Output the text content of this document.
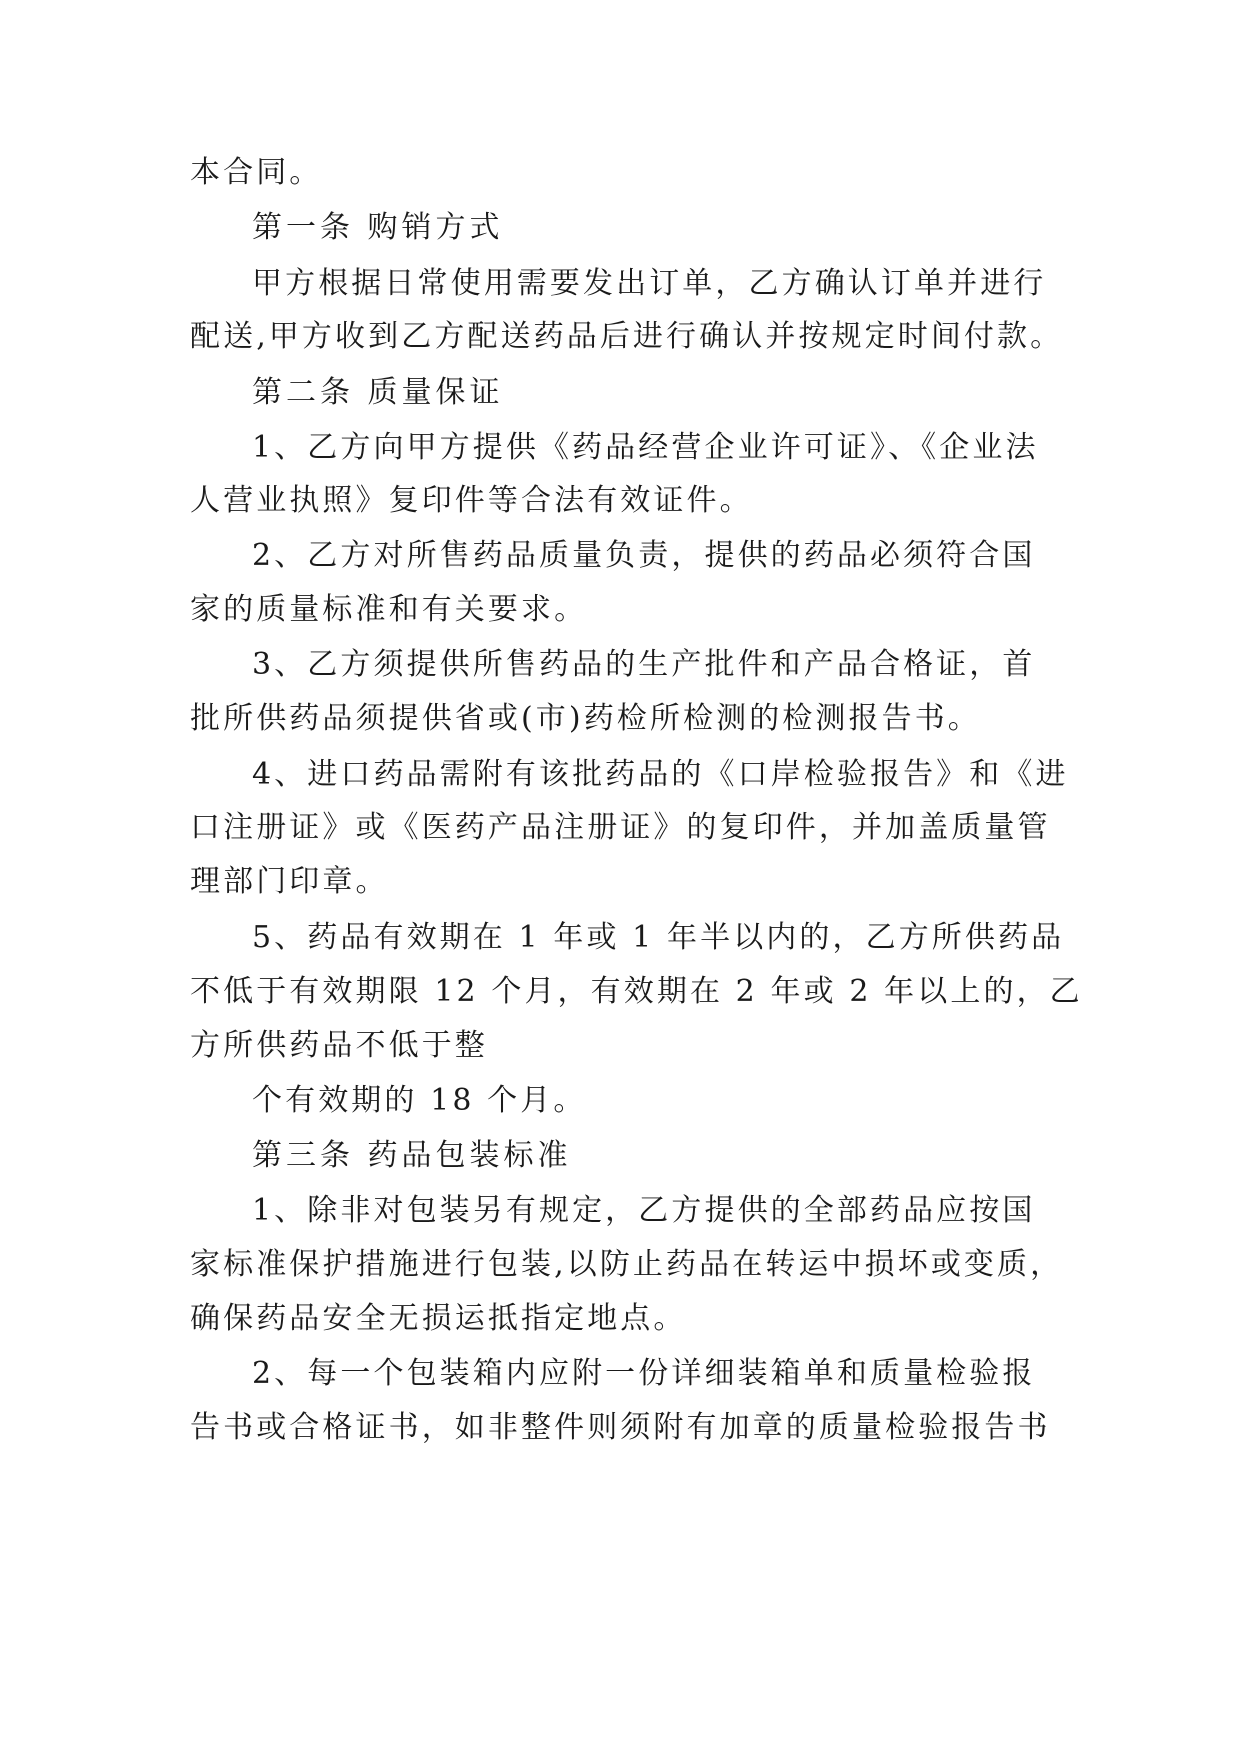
本合同。
第一条 购销方式
甲方根据日常使用需要发出订单，乙方确认订单并进行
配送,甲方收到乙方配送药品后进行确认并按规定时间付款。
第二条 质量保证
1、乙方向甲方提供《药品经营企业许可证》、《企业法
人营业执照》复印件等合法有效证件。
2、乙方对所售药品质量负责，提供的药品必须符合国
家的质量标准和有关要求。
3、乙方须提供所售药品的生产批件和产品合格证，首
批所供药品须提供省或(市)药检所检测的检测报告书。
4、进口药品需附有该批药品的《口岸检验报告》和《进
口注册证》或《医药产品注册证》的复印件，并加盖质量管
理部门印章。
5、药品有效期在 1 年或 1 年半以内的，乙方所供药品
不低于有效期限 12 个月，有效期在 2 年或 2 年以上的，乙
方所供药品不低于整
个有效期的 18 个月。
第三条 药品包装标准
1、除非对包装另有规定，乙方提供的全部药品应按国
家标准保护措施进行包装,以防止药品在转运中损坏或变质，
确保药品安全无损运抵指定地点。
2、每一个包装箱内应附一份详细装箱单和质量检验报
告书或合格证书，如非整件则须附有加章的质量检验报告书
